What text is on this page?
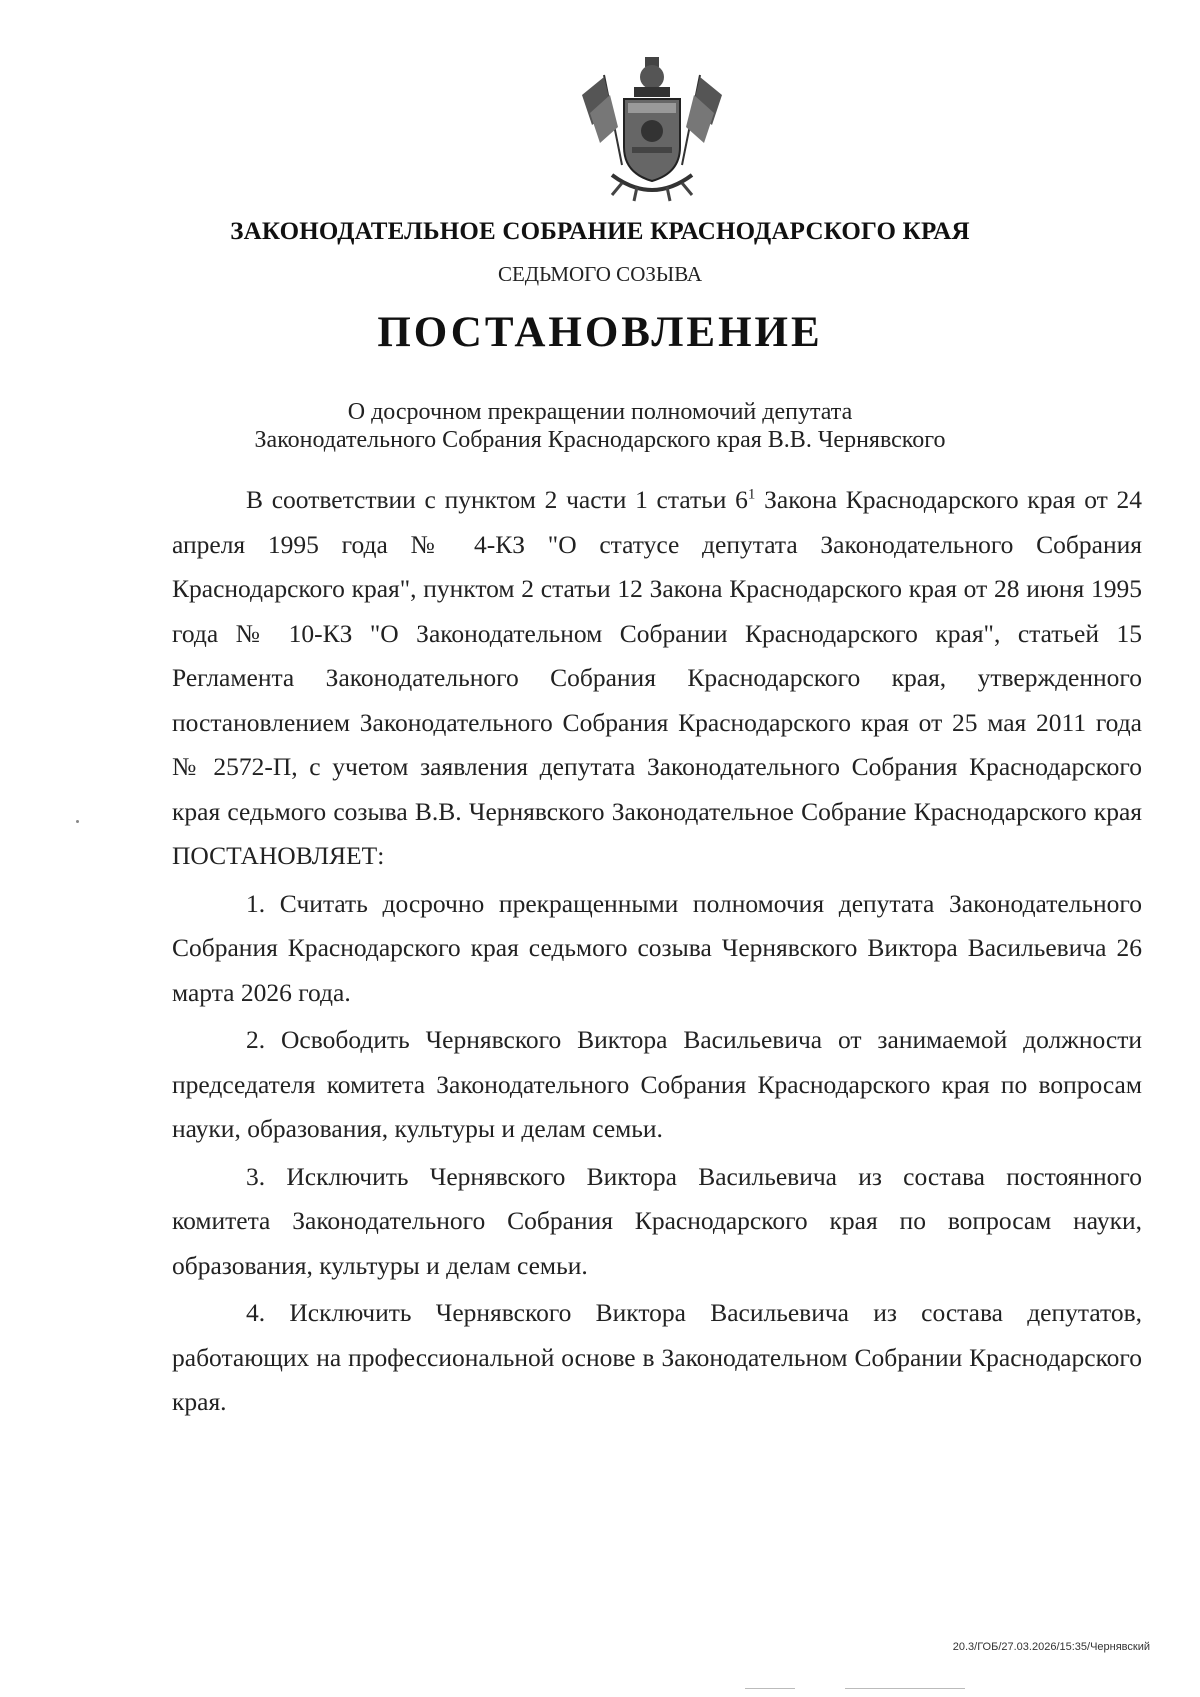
ЗАКОНОДАТЕЛЬНОЕ СОБРАНИЕ КРАСНОДАРСКОГО КРАЯ
СЕДЬМОГО СОЗЫВА
ПОСТАНОВЛЕНИЕ
О досрочном прекращении полномочий депутата
Законодательного Собрания Краснодарского края В.В. Чернявского

В соответствии с пунктом 2 части 1 статьи $6^1$ Закона Краснодарского края от 24 апреля 1995 года № 4-КЗ "О статусе депутата Законодательного Собрания Краснодарского края", пунктом 2 статьи 12 Закона Краснодарского края от 28 июня 1995 года № 10-КЗ "О Законодательном Собрании Краснодарского края", статьей 15 Регламента Законодательного Собрания Краснодарского края, утвержденного постановлением Законодательного Собрания Краснодарского края от 25 мая 2011 года № 2572-П, с учетом заявления депутата Законодательного Собрания Краснодарского края седьмого созыва В.В. Чернявского Законодательное Собрание Краснодарского края ПОСТАНОВЛЯЕТ:

1. Считать досрочно прекращенными полномочия депутата Законодательного Собрания Краснодарского края седьмого созыва Чернявского Виктора Васильевича 26 марта 2026 года.

2. Освободить Чернявского Виктора Васильевича от занимаемой должности председателя комитета Законодательного Собрания Краснодарского края по вопросам науки, образования, культуры и делам семьи.

3. Исключить Чернявского Виктора Васильевича из состава постоянного комитета Законодательного Собрания Краснодарского края по вопросам науки, образования, культуры и делам семьи.

4. Исключить Чернявского Виктора Васильевича из состава депутатов, работающих на профессиональной основе в Законодательном Собрании Краснодарского края.

20.3/ГОБ/27.03.2026/15:35/Чернявский
